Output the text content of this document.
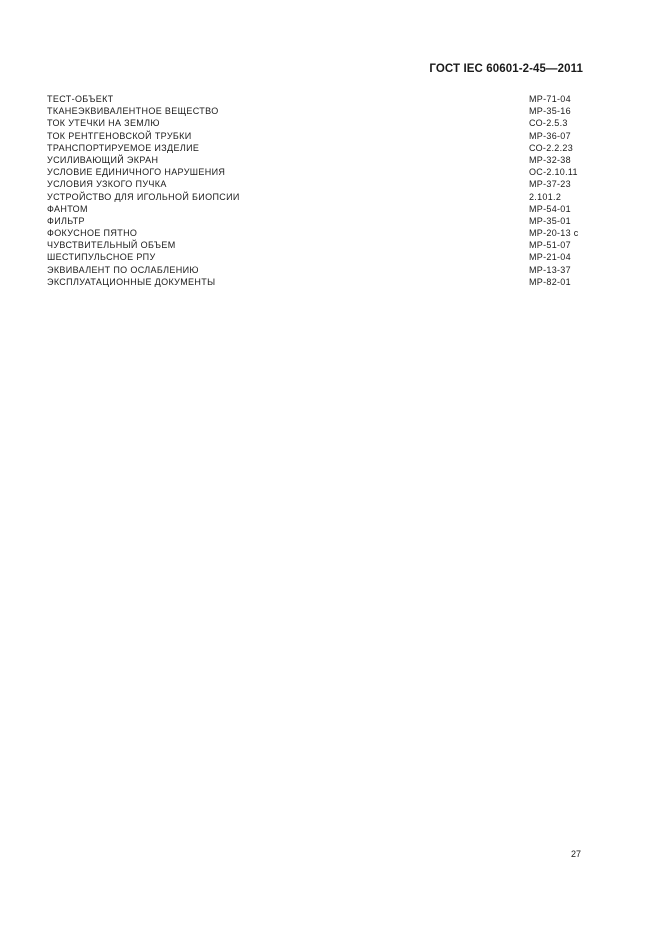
ГОСТ IEC 60601-2-45—2011
ТЕСТ-ОБЪЕКТ	МР-71-04
ТКАНЕЭКВИВАЛЕНТНОЕ ВЕЩЕСТВО	МР-35-16
ТОК УТЕЧКИ НА ЗЕМЛЮ	СО-2.5.3
ТОК РЕНТГЕНОВСКОЙ ТРУБКИ	МР-36-07
ТРАНСПОРТИРУЕМОЕ ИЗДЕЛИЕ	СО-2.2.23
УСИЛИВАЮЩИЙ ЭКРАН	МР-32-38
УСЛОВИЕ ЕДИНИЧНОГО НАРУШЕНИЯ	ОС-2.10.11
УСЛОВИЯ УЗКОГО ПУЧКА	МР-37-23
УСТРОЙСТВО ДЛЯ ИГОЛЬНОЙ БИОПСИИ	2.101.2
ФАНТОМ	МР-54-01
ФИЛЬТР	МР-35-01
ФОКУСНОЕ ПЯТНО	МР-20-13 с
ЧУВСТВИТЕЛЬНЫЙ ОБЪЕМ	МР-51-07
ШЕСТИПУЛЬСНОЕ РПУ	МР-21-04
ЭКВИВАЛЕНТ ПО ОСЛАБЛЕНИЮ	МР-13-37
ЭКСПЛУАТАЦИОННЫЕ ДОКУМЕНТЫ	МР-82-01
27
